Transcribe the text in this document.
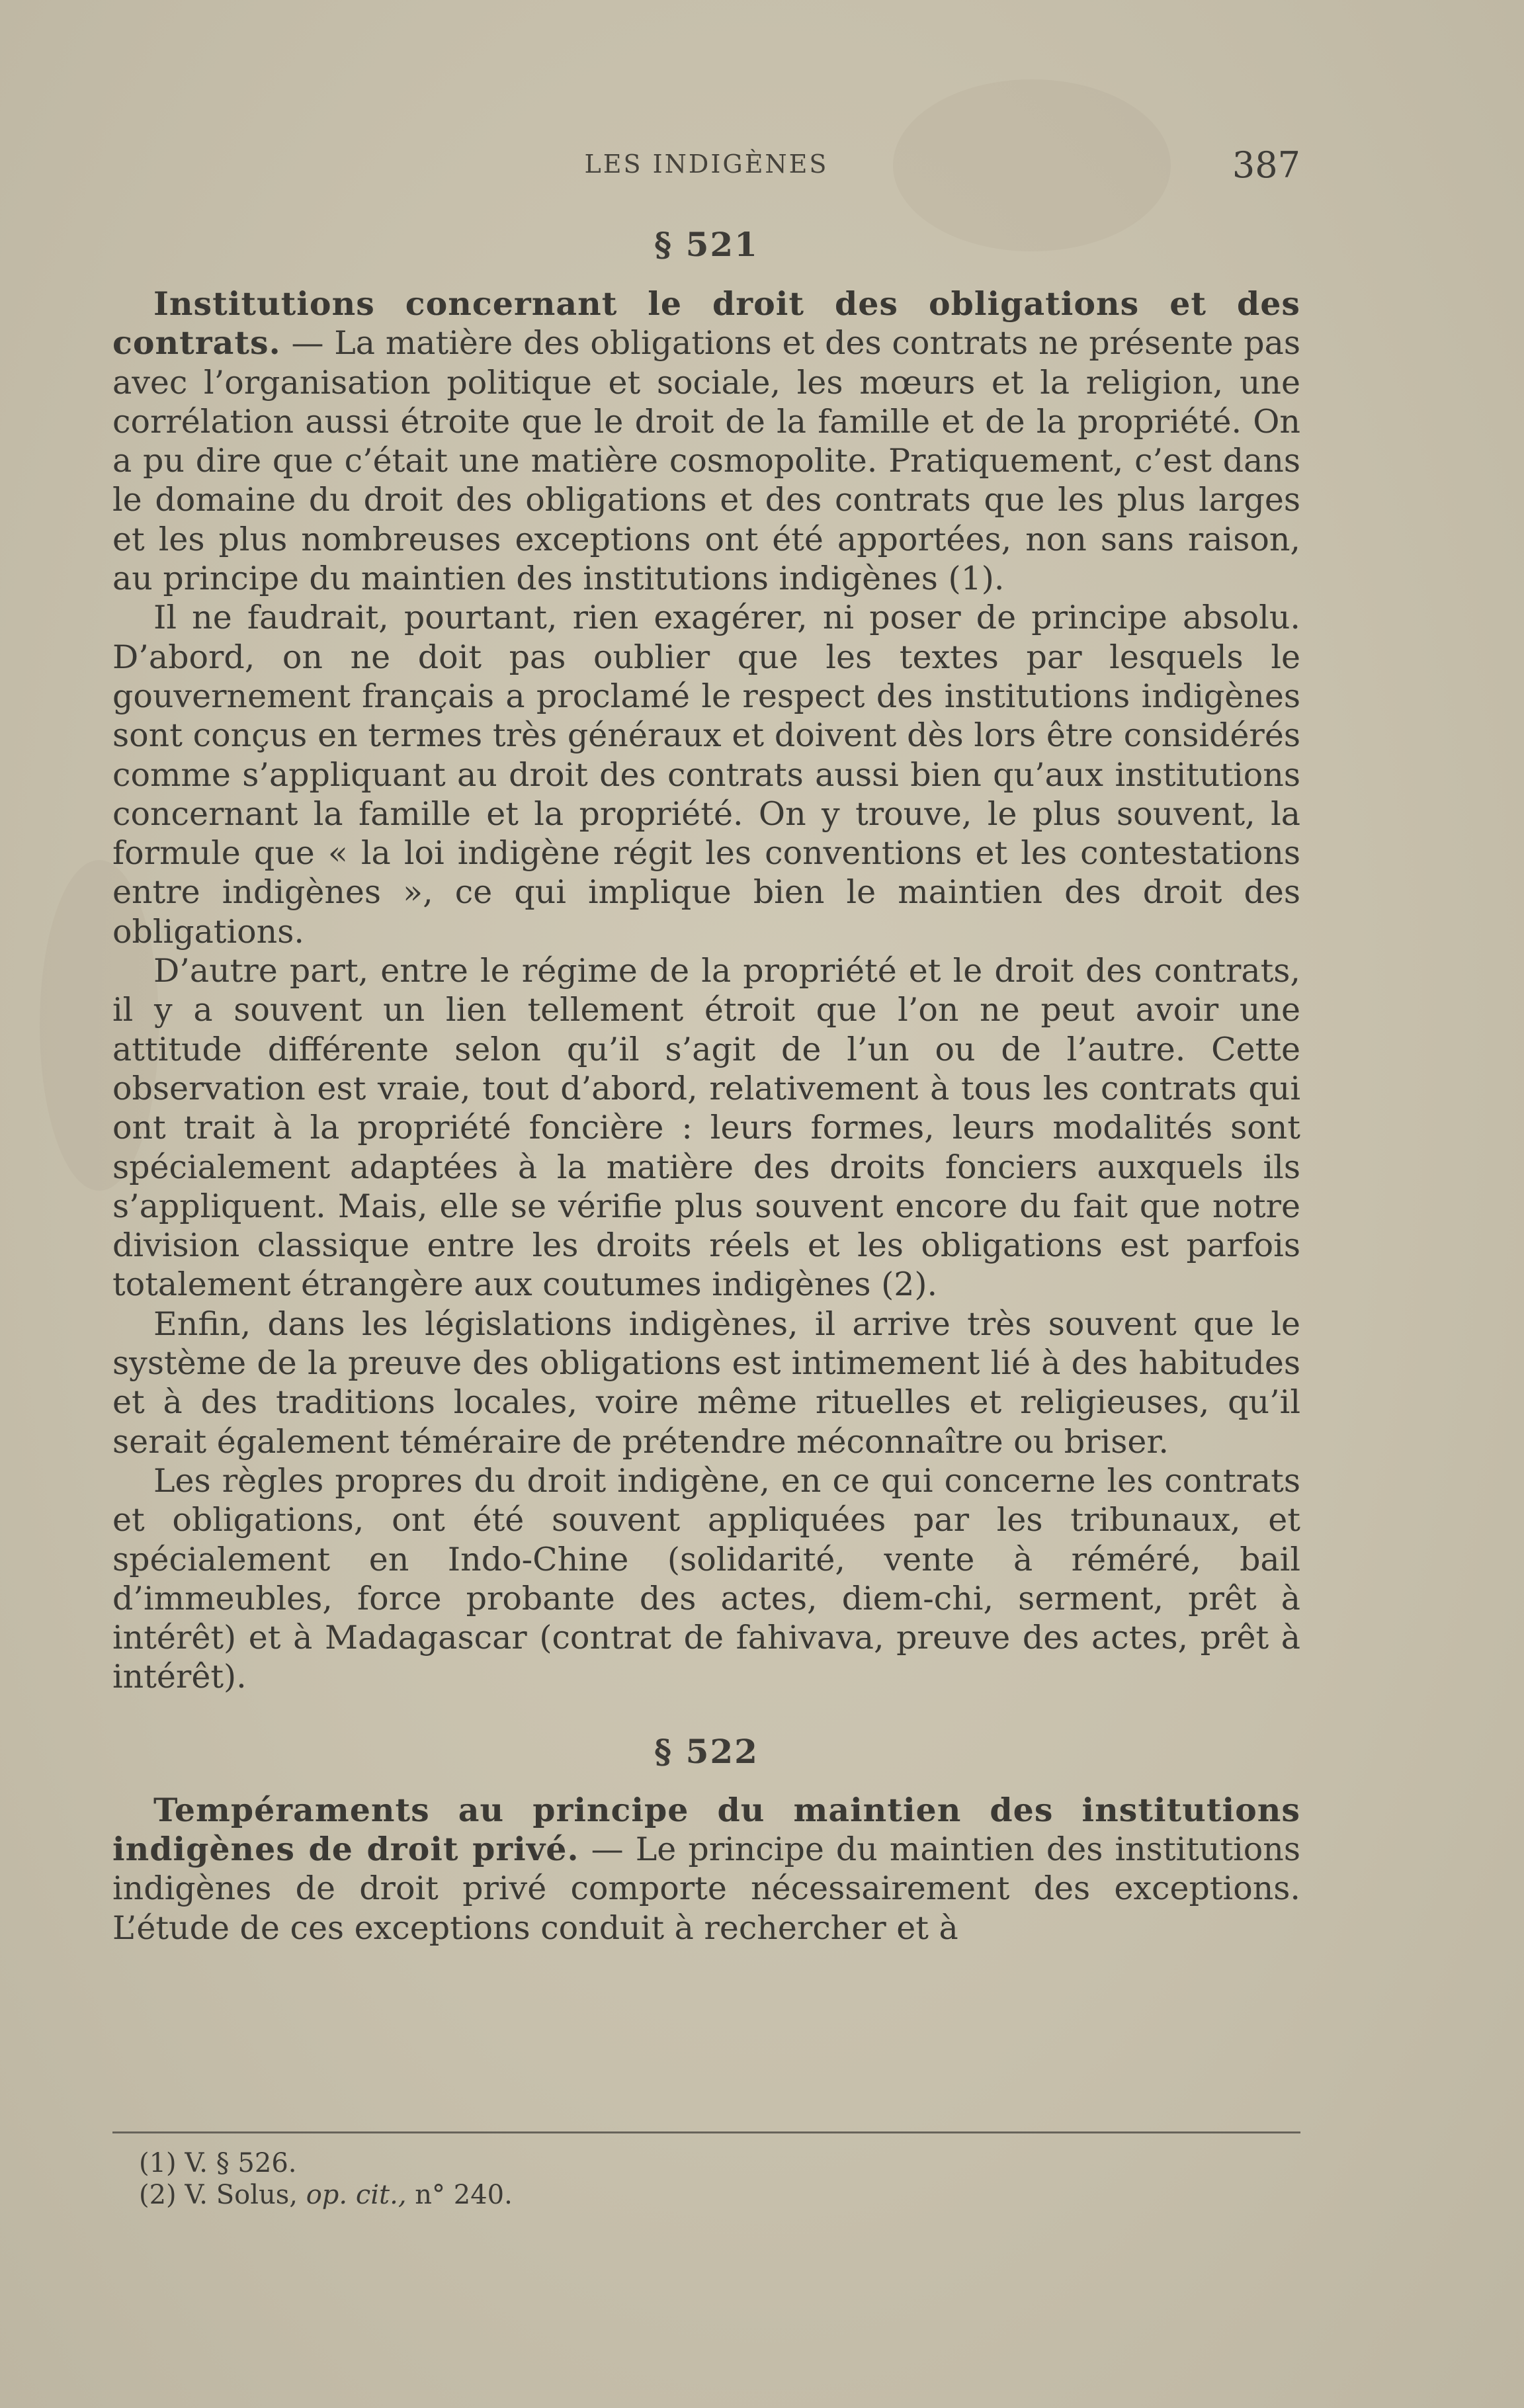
LES INDIGÈNES	387
§ 521

Institutions concernant le droit des obligations et des contrats. — La matière des obligations et des contrats ne présente pas avec l’organisation politique et sociale, les mœurs et la religion, une corrélation aussi étroite que le droit de la famille et de la propriété. On a pu dire que c’était une matière cosmopolite. Pratiquement, c’est dans le domaine du droit des obligations et des contrats que les plus larges et les plus nombreuses exceptions ont été apportées, non sans raison, au principe du maintien des institutions indigènes (1).

Il ne faudrait, pourtant, rien exagérer, ni poser de principe absolu. D’abord, on ne doit pas oublier que les textes par lesquels le gouvernement français a proclamé le respect des institutions indigènes sont conçus en termes très généraux et doivent dès lors être considérés comme s’appliquant au droit des contrats aussi bien qu’aux institutions concernant la famille et la propriété. On y trouve, le plus souvent, la formule que « la loi indigène régit les conventions et les contestations entre indigènes », ce qui implique bien le maintien des droit des obligations.

D’autre part, entre le régime de la propriété et le droit des contrats, il y a souvent un lien tellement étroit que l’on ne peut avoir une attitude différente selon qu’il s’agit de l’un ou de l’autre. Cette observation est vraie, tout d’abord, relativement à tous les contrats qui ont trait à la propriété foncière : leurs formes, leurs modalités sont spécialement adaptées à la matière des droits fonciers auxquels ils s’appliquent. Mais, elle se vérifie plus souvent encore du fait que notre division classique entre les droits réels et les obligations est parfois totalement étrangère aux coutumes indigènes (2).

Enfin, dans les législations indigènes, il arrive très souvent que le système de la preuve des obligations est intimement lié à des habitudes et à des traditions locales, voire même rituelles et religieuses, qu’il serait également téméraire de prétendre méconnaître ou briser.

Les règles propres du droit indigène, en ce qui concerne les contrats et obligations, ont été souvent appliquées par les tribunaux, et spécialement en Indo-Chine (solidarité, vente à réméré, bail d’immeubles, force probante des actes, diem-chi, serment, prêt à intérêt) et à Madagascar (contrat de fahivava, preuve des actes, prêt à intérêt).

§ 522

Tempéraments au principe du maintien des institutions indigènes de droit privé. — Le principe du maintien des institutions indigènes de droit privé comporte nécessairement des exceptions. L’étude de ces exceptions conduit à rechercher et à

(1) V. § 526.
(2) V. Solus, op. cit., n° 240.
